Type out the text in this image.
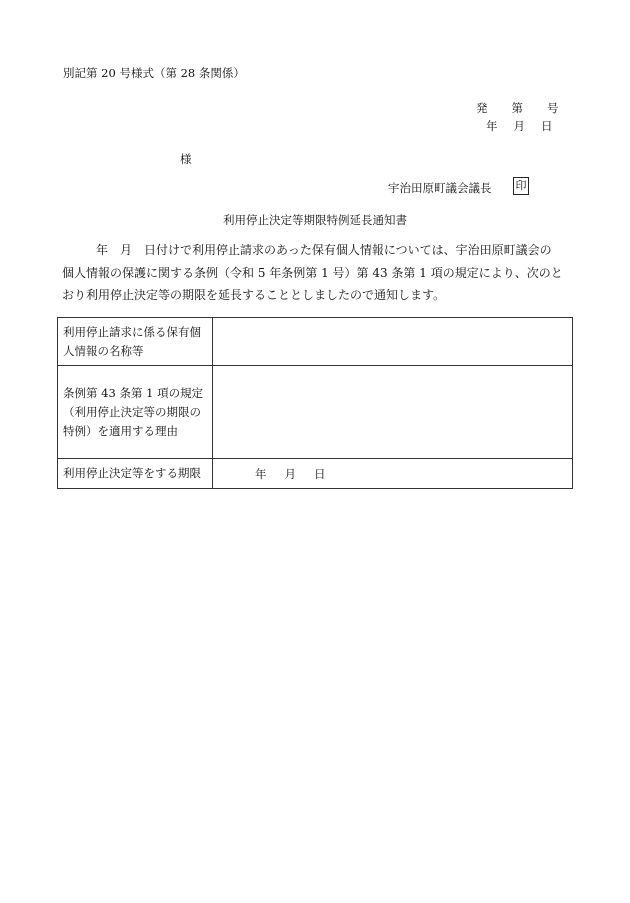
別記第 20 号様式（第 28 条関係）
発 第 号
年 月 日
様
宇治田原町議会議長 印
利用停止決定等期限特例延長通知書
年　月　日付けで利用停止請求のあった保有個人情報については、宇治田原町議会の
個人情報の保護に関する条例（令和 5 年条例第 1 号）第 43 条第 1 項の規定により、次のと
おり利用停止決定等の期限を延長することとしましたので通知します。
利用停止請求に係る保有個人情報の名称等	
条例第 43 条第 1 項の規定（利用停止決定等の期限の特例）を適用する理由	
利用停止決定等をする期限	年 月 日
